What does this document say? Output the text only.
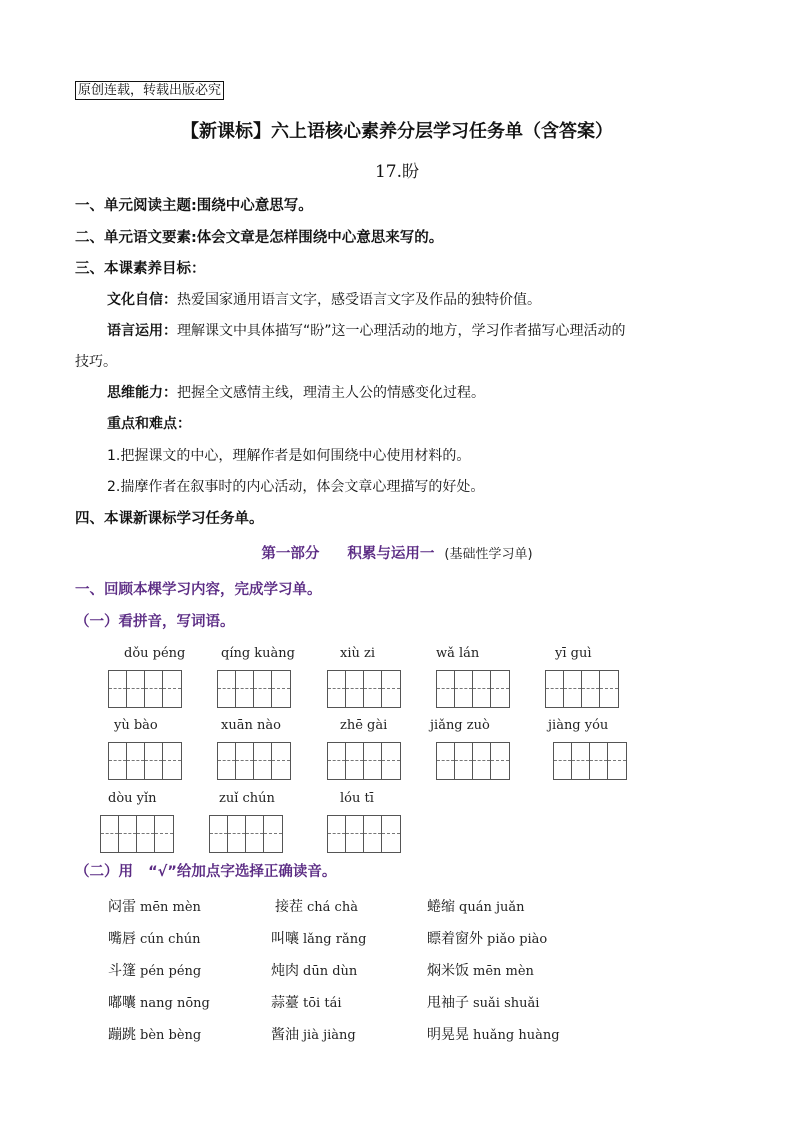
原创连载，转载出版必究
【新课标】六上语核心素养分层学习任务单（含答案）
17.盼
一、单元阅读主题:围绕中心意思写。
二、单元语文要素:体会文章是怎样围绕中心意思来写的。
三、本课素养目标：
文化自信：热爱国家通用语言文字，感受语言文字及作品的独特价值。
语言运用：理解课文中具体描写“盼”这一心理活动的地方，学习作者描写心理活动的
技巧。
思维能力：把握全文感情主线，理清主人公的情感变化过程。
重点和难点：
1.把握课文的中心，理解作者是如何围绕中心使用材料的。
2.揣摩作者在叙事时的内心活动，体会文章心理描写的好处。
四、本课新课标学习任务单。
第一部分 积累与运用一 (基础性学习单)
一、回顾本棵学习内容，完成学习单。
（一）看拼音，写词语。
dǒu péng	qíng kuàng	xiù zi	wǎ lán	yī guì
yù bào	xuān nào	zhē gài	jiǎng zuò	jiàng yóu
dòu yǐn	zuǐ chún	lóu tī
（二）用 “√”给加点字选择正确读音。
闷雷 mēn mèn	接茬 chá chà	蜷缩 quán juǎn
嘴唇 cún chún	叫嚷 lǎng rǎng	瞟着窗外 piǎo piào
斗篷 pén péng	炖肉 dūn dùn	焖米饭 mēn mèn
嘟囔 nang nōng	蒜薹 tōi tái	甩袖子 suǎi shuǎi
蹦跳 bèn bèng	酱油 jià jiàng	明晃晃 huǎng huàng
